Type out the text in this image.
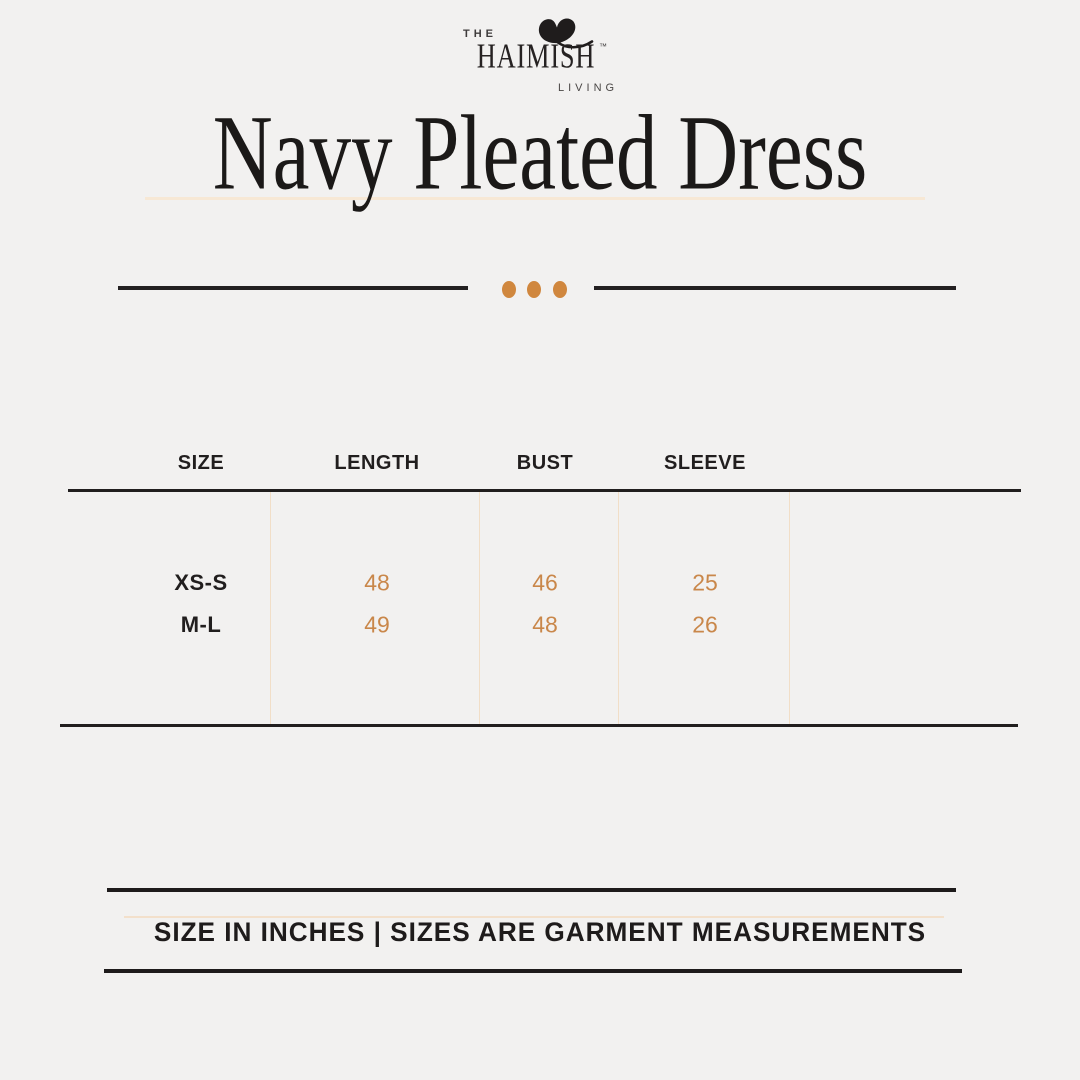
THE
HAIMISH ™
LIVING
Navy Pleated Dress
SIZE	LENGTH	BUST	SLEEVE
XS-S	48	46	25
M-L	49	48	26
SIZE IN INCHES | SIZES ARE GARMENT MEASUREMENTS
